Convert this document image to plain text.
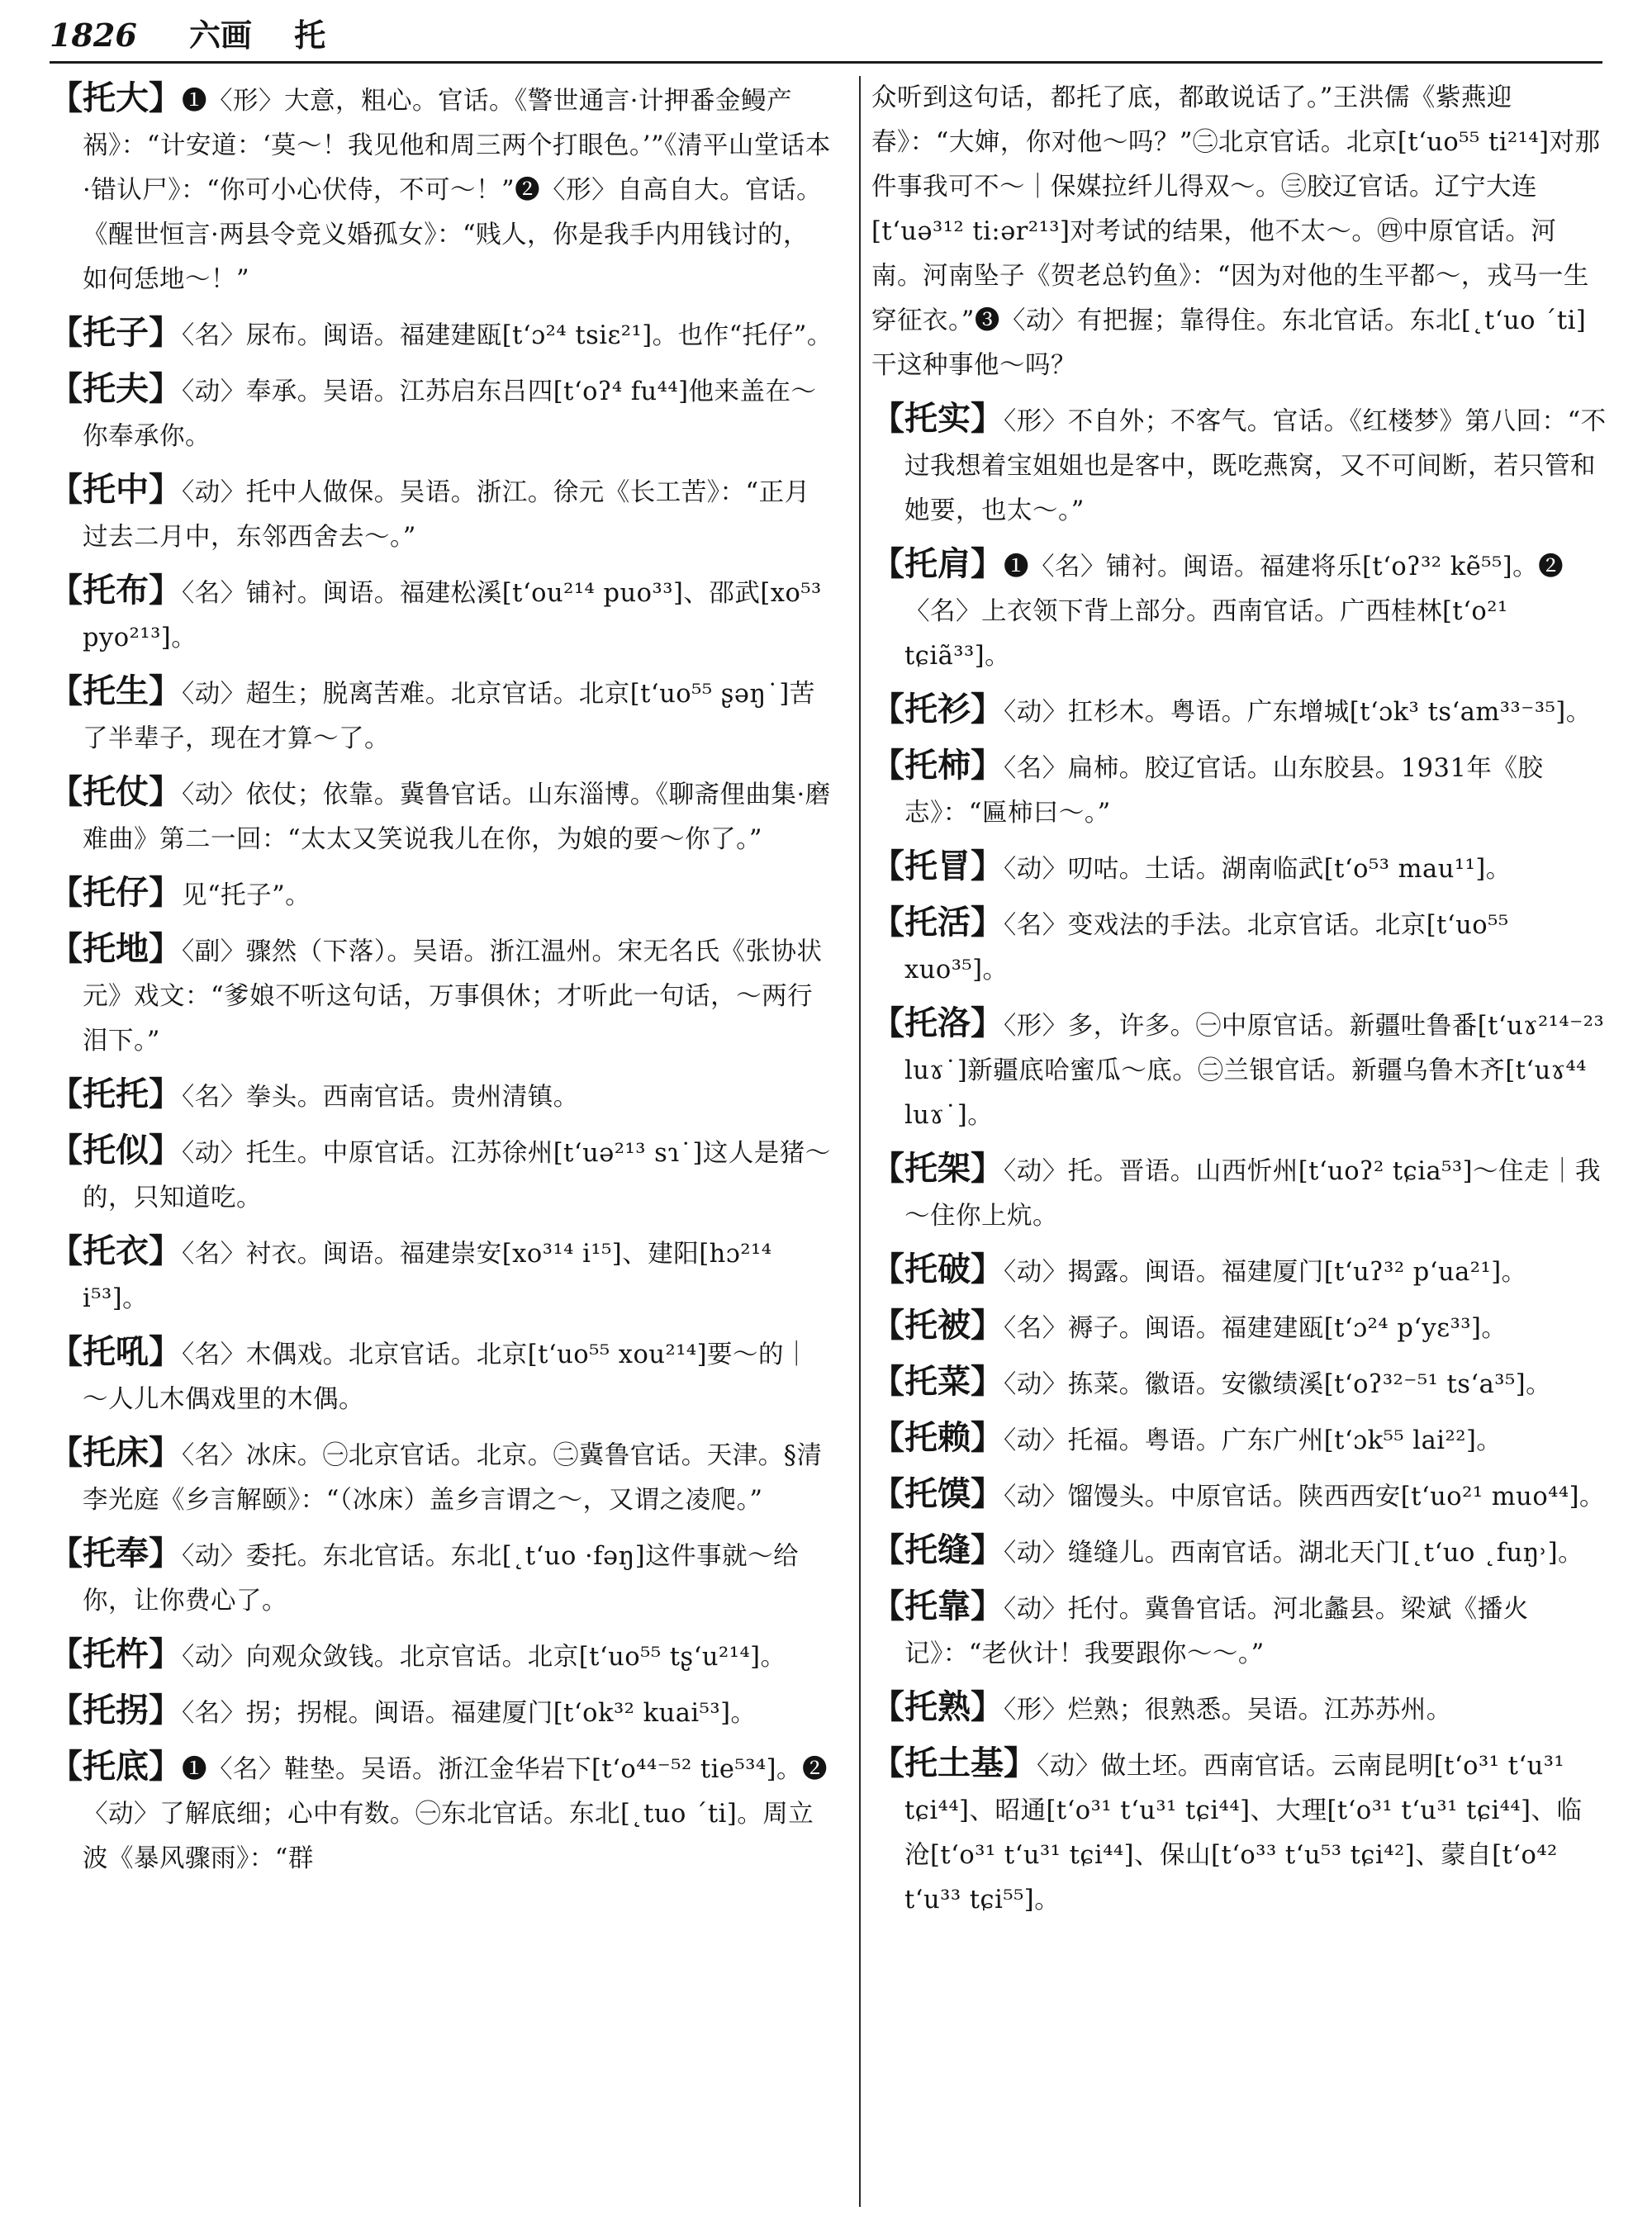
1826 六画 托
【托大】❶〈形〉大意，粗心。官话。《警世通言·计押番金鳗产祸》：“计安道：‘莫～！我见他和周三两个打眼色。’”《清平山堂话本·错认尸》：“你可小心伏侍，不可～！”❷〈形〉自高自大。官话。《醒世恒言·两县令竞义婚孤女》：“贱人，你是我手内用钱讨的，如何恁地～！”
【托子】〈名〉尿布。闽语。福建建瓯[tʻɔ²⁴ tsiɛ²¹]。也作“托仔”。
【托夫】〈动〉奉承。吴语。江苏启东吕四[tʻoʔ⁴ fu⁴⁴]他来盖在～你奉承你。
【托中】〈动〉托中人做保。吴语。浙江。徐元《长工苦》：“正月过去二月中，东邻西舍去～。”
【托布】〈名〉铺衬。闽语。福建松溪[tʻou²¹⁴ puo³³]、邵武[xo⁵³ pyo²¹³]。
【托生】〈动〉超生；脱离苦难。北京官话。北京[tʻuo⁵⁵ ʂəŋ˙]苦了半辈子，现在才算～了。
【托仗】〈动〉依仗；依靠。冀鲁官话。山东淄博。《聊斋俚曲集·磨难曲》第二一回：“太太又笑说我儿在你，为娘的要～你了。”
【托仔】见“托子”。
【托地】〈副〉骤然（下落）。吴语。浙江温州。宋无名氏《张协状元》戏文：“爹娘不听这句话，万事俱休；才听此一句话，～两行泪下。”
【托托】〈名〉拳头。西南官话。贵州清镇。
【托似】〈动〉托生。中原官话。江苏徐州[tʻuə²¹³ sɿ˙]这人是猪～的，只知道吃。
【托衣】〈名〉衬衣。闽语。福建崇安[xo³¹⁴ i¹⁵]、建阳[hɔ²¹⁴ i⁵³]。
【托吼】〈名〉木偶戏。北京官话。北京[tʻuo⁵⁵ xou²¹⁴]要～的｜～人儿木偶戏里的木偶。
【托床】〈名〉冰床。㊀北京官话。北京。㊁冀鲁官话。天津。§清李光庭《乡言解颐》：“（冰床）盖乡言谓之～，又谓之凌爬。”
【托奉】〈动〉委托。东北官话。东北[˛tʻuo ·fəŋ]这件事就～给你，让你费心了。
【托杵】〈动〉向观众敛钱。北京官话。北京[tʻuo⁵⁵ tʂʻu²¹⁴]。
【托拐】〈名〉拐；拐棍。闽语。福建厦门[tʻok³² kuai⁵³]。
【托底】❶〈名〉鞋垫。吴语。浙江金华岩下[tʻo⁴⁴⁻⁵² tie⁵³⁴]。❷〈动〉了解底细；心中有数。㊀东北官话。东北[˛tuo ˊti]。周立波《暴风骤雨》：“群
众听到这句话，都托了底，都敢说话了。”王洪儒《紫燕迎春》：“大婶，你对他～吗？”㊁北京官话。北京[tʻuo⁵⁵ ti²¹⁴]对那件事我可不～｜保媒拉纤儿得双～。㊂胶辽官话。辽宁大连[tʻuə³¹² ti:ər²¹³]对考试的结果，他不太～。㊃中原官话。河南。河南坠子《贺老总钓鱼》：“因为对他的生平都～，戎马一生穿征衣。”❸〈动〉有把握；靠得住。东北官话。东北[˛tʻuo ˊti]干这种事他～吗？
【托实】〈形〉不自外；不客气。官话。《红楼梦》第八回：“不过我想着宝姐姐也是客中，既吃燕窝，又不可间断，若只管和她要，也太～。”
【托肩】❶〈名〉铺衬。闽语。福建将乐[tʻoʔ³² kẽ⁵⁵]。❷〈名〉上衣领下背上部分。西南官话。广西桂林[tʻo²¹ tɕiã³³]。
【托衫】〈动〉扛杉木。粤语。广东增城[tʻɔk³ tsʻam³³⁻³⁵]。
【托柿】〈名〉扁柿。胶辽官话。山东胶县。1931年《胶志》：“匾柿曰～。”
【托冒】〈动〉叨咕。土话。湖南临武[tʻo⁵³ mau¹¹]。
【托活】〈名〉变戏法的手法。北京官话。北京[tʻuo⁵⁵ xuo³⁵]。
【托洛】〈形〉多，许多。㊀中原官话。新疆吐鲁番[tʻuɤ²¹⁴⁻²³ luɤ˙]新疆底哈蜜瓜～底。㊁兰银官话。新疆乌鲁木齐[tʻuɤ⁴⁴ luɤ˙]。
【托架】〈动〉托。晋语。山西忻州[tʻuoʔ² tɕia⁵³]～住走｜我～住你上炕。
【托破】〈动〉揭露。闽语。福建厦门[tʻuʔ³² pʻua²¹]。
【托被】〈名〉褥子。闽语。福建建瓯[tʻɔ²⁴ pʻyɛ³³]。
【托菜】〈动〉拣菜。徽语。安徽绩溪[tʻoʔ³²⁻⁵¹ tsʻa³⁵]。
【托赖】〈动〉托福。粤语。广东广州[tʻɔk⁵⁵ lai²²]。
【托馍】〈动〉馏馒头。中原官话。陕西西安[tʻuo²¹ muo⁴⁴]。
【托缝】〈动〉缝缝儿。西南官话。湖北天门[˛tʻuo ˛fuŋ˒]。
【托靠】〈动〉托付。冀鲁官话。河北蠡县。梁斌《播火记》：“老伙计！我要跟你～～。”
【托熟】〈形〉烂熟；很熟悉。吴语。江苏苏州。
【托土基】〈动〉做土坯。西南官话。云南昆明[tʻo³¹ tʻu³¹ tɕi⁴⁴]、昭通[tʻo³¹ tʻu³¹ tɕi⁴⁴]、大理[tʻo³¹ tʻu³¹ tɕi⁴⁴]、临沧[tʻo³¹ tʻu³¹ tɕi⁴⁴]、保山[tʻo³³ tʻu⁵³ tɕi⁴²]、蒙自[tʻo⁴² tʻu³³ tɕi⁵⁵]。
